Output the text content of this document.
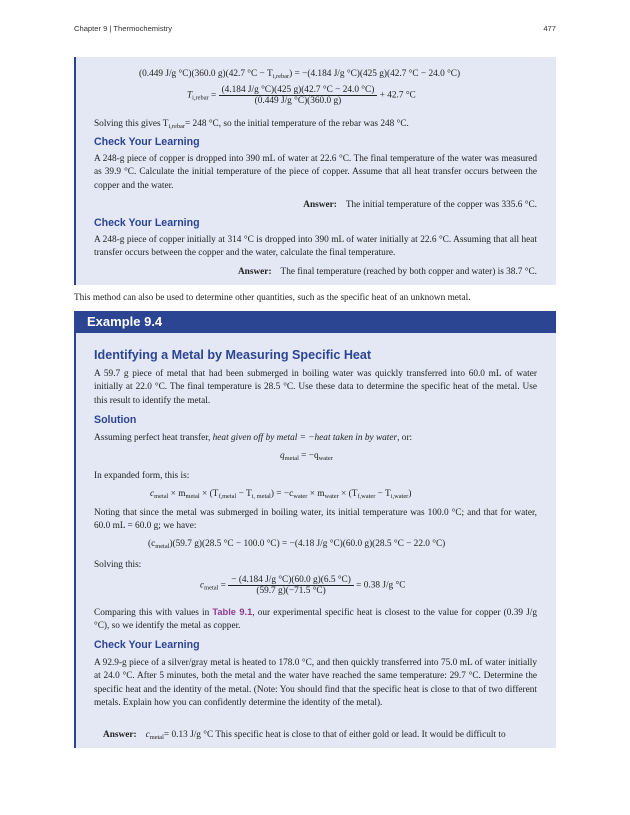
Chapter 9 | Thermochemistry	477
(0.449 J/g °C)(360.0 g)(42.7 $^\circ C - T_{i,rebar}) = -(4.184$ J/g °C)(425 g)(42.7 °C − 24.0 °C)
$T_{i,rebar} = \frac{(4.184 J/g ^\circ C)(425 g)(42.7 ^\circ C - 24.0 ^\circ C)}{(0.449 J/g ^\circ C)(360.0 g)} + 42.7$ °C
Solving this gives $T_{i,rebar}= 248$ °C, so the initial temperature of the rebar was 248 °C.
Check Your Learning
A 248-g piece of copper is dropped into 390 mL of water at 22.6 °C. The final temperature of the water was measured as 39.9 °C. Calculate the initial temperature of the piece of copper. Assume that all heat transfer occurs between the copper and the water.
Answer: The initial temperature of the copper was 335.6 °C.
Check Your Learning
A 248-g piece of copper initially at 314 °C is dropped into 390 mL of water initially at 22.6 °C. Assuming that all heat transfer occurs between the copper and the water, calculate the final temperature.
Answer: The final temperature (reached by both copper and water) is 38.7 °C.
This method can also be used to determine other quantities, such as the specific heat of an unknown metal.
Example 9.4
Identifying a Metal by Measuring Specific Heat
A 59.7 g piece of metal that had been submerged in boiling water was quickly transferred into 60.0 mL of water initially at 22.0 °C. The final temperature is 28.5 °C. Use these data to determine the specific heat of the metal. Use this result to identify the metal.
Solution
Assuming perfect heat transfer, heat given off by metal = −heat taken in by water, or:
$q_{metal} = -q_{water}$
In expanded form, this is:
$c_{metal} \times m_{metal} \times (T_{f,metal} - T_{i, metal}) = -c_{water} \times m_{water} \times (T_{f,water} - T_{i,water})$
Noting that since the metal was submerged in boiling water, its initial temperature was 100.0 °C; and that for water, 60.0 mL = 60.0 g; we have:
$(c_{metal})(59.7$ g)(28.5 °C − 100.0 °C) = −(4.18 J/g °C)(60.0 g)(28.5 °C − 22.0 °C)
Solving this:
$c_{metal} = \frac{- (4.184 J/g ^\circ C)(60.0 g)(6.5 ^\circ C)}{(59.7 g)(-71.5 ^\circ C)} = 0.38$ J/g °C
Comparing this with values in Table 9.1, our experimental specific heat is closest to the value for copper (0.39 J/g °C), so we identify the metal as copper.
Check Your Learning
A 92.9-g piece of a silver/gray metal is heated to 178.0 °C, and then quickly transferred into 75.0 mL of water initially at 24.0 °C. After 5 minutes, both the metal and the water have reached the same temperature: 29.7 °C. Determine the specific heat and the identity of the metal. (Note: You should find that the specific heat is close to that of two different metals. Explain how you can confidently determine the identity of the metal).
Answer: $c_{metal}= 0.13$ J/g °C This specific heat is close to that of either gold or lead. It would be difficult to
